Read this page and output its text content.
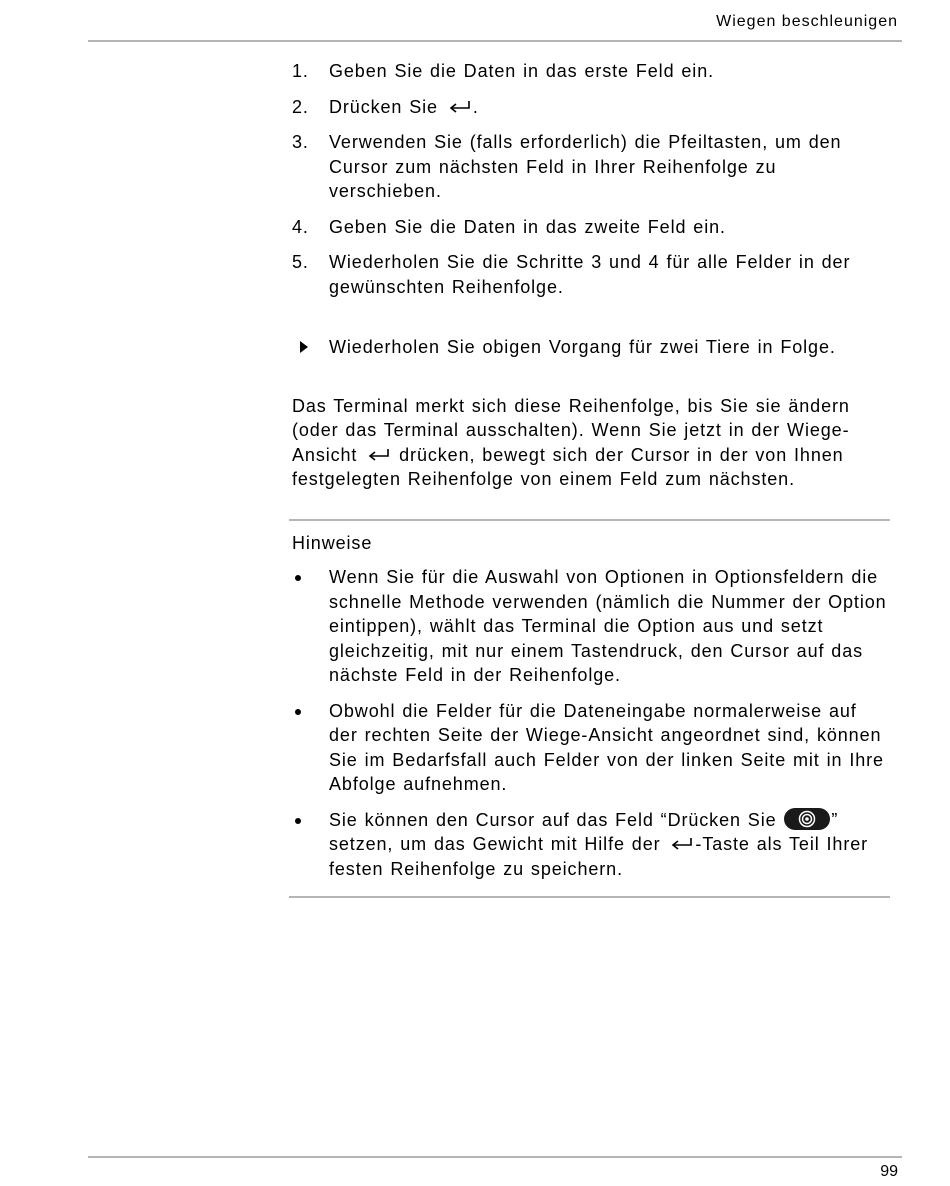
Wiegen beschleunigen
1. Geben Sie die Daten in das erste Feld ein.
2. Drücken Sie .
3. Verwenden Sie (falls erforderlich) die Pfeiltasten, um den Cursor zum nächsten Feld in Ihrer Reihenfolge zu verschieben.
4. Geben Sie die Daten in das zweite Feld ein.
5. Wiederholen Sie die Schritte 3 und 4 für alle Felder in der gewünschten Reihenfolge.
Wiederholen Sie obigen Vorgang für zwei Tiere in Folge.

Das Terminal merkt sich diese Reihenfolge, bis Sie sie ändern (oder das Terminal ausschalten). Wenn Sie jetzt in der Wiege-Ansicht drücken, bewegt sich der Cursor in der von Ihnen festgelegten Reihenfolge von einem Feld zum nächsten.

Hinweise
Wenn Sie für die Auswahl von Optionen in Optionsfeldern die schnelle Methode verwenden (nämlich die Nummer der Option eintippen), wählt das Terminal die Option aus und setzt gleichzeitig, mit nur einem Tastendruck, den Cursor auf das nächste Feld in der Reihenfolge.
Obwohl die Felder für die Dateneingabe normalerweise auf der rechten Seite der Wiege-Ansicht angeordnet sind, können Sie im Bedarfsfall auch Felder von der linken Seite mit in Ihre Abfolge aufnehmen.
Sie können den Cursor auf das Feld “Drücken Sie	” setzen, um das Gewicht mit Hilfe der -Taste als Teil Ihrer festen Reihenfolge zu speichern.
99
